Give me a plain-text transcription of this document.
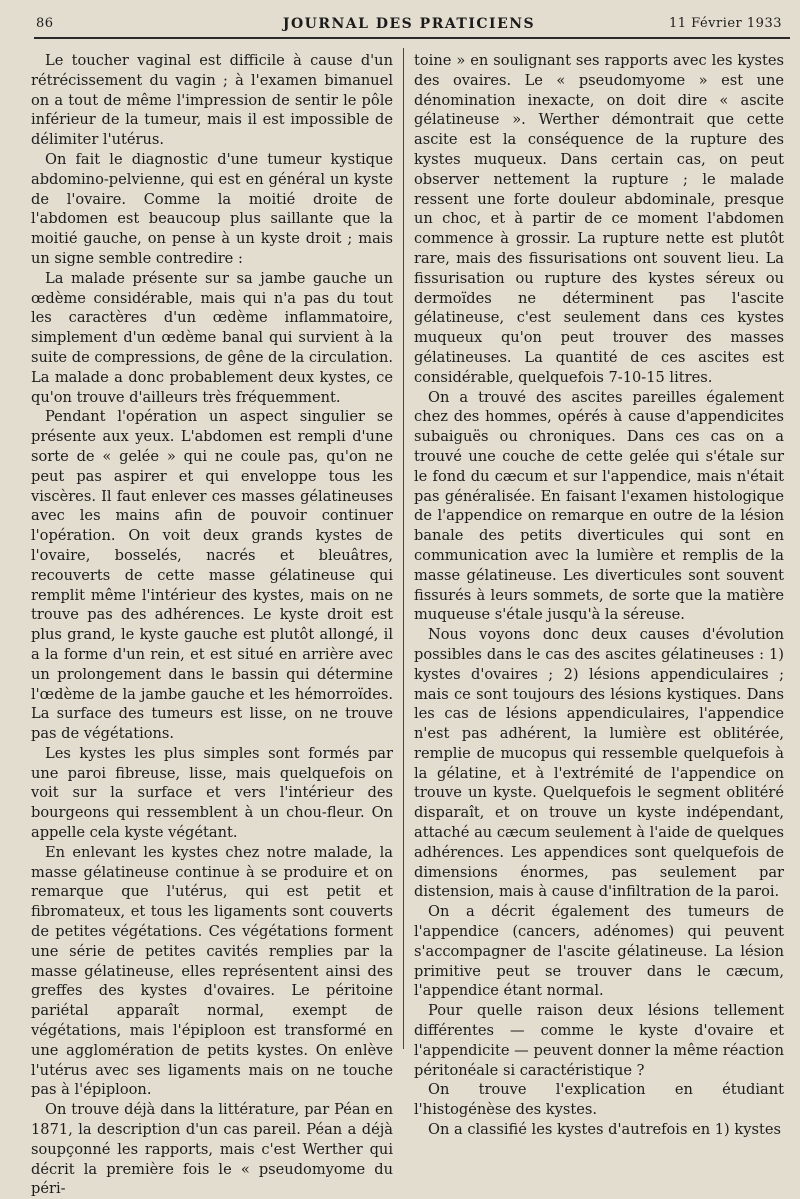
86	JOURNAL DES PRATICIENS	11 Février 1933

Le toucher vaginal est difficile à cause d'un rétrécissement du vagin ; à l'examen bimanuel on a tout de même l'impression de sentir le pôle inférieur de la tumeur, mais il est impossible de délimiter l'utérus.

On fait le diagnostic d'une tumeur kystique abdomino-pelvienne, qui est en général un kyste de l'ovaire. Comme la moitié droite de l'abdomen est beaucoup plus saillante que la moitié gauche, on pense à un kyste droit ; mais un signe semble contredire :

La malade présente sur sa jambe gauche un œdème considérable, mais qui n'a pas du tout les caractères d'un œdème inflammatoire, simplement d'un œdème banal qui survient à la suite de compressions, de gêne de la circulation. La malade a donc probablement deux kystes, ce qu'on trouve d'ailleurs très fréquemment.

Pendant l'opération un aspect singulier se présente aux yeux. L'abdomen est rempli d'une sorte de « gelée » qui ne coule pas, qu'on ne peut pas aspirer et qui enveloppe tous les viscères. Il faut enlever ces masses gélatineuses avec les mains afin de pouvoir continuer l'opération. On voit deux grands kystes de l'ovaire, bosselés, nacrés et bleuâtres, recouverts de cette masse gélatineuse qui remplit même l'intérieur des kystes, mais on ne trouve pas des adhérences. Le kyste droit est plus grand, le kyste gauche est plutôt allongé, il a la forme d'un rein, et est situé en arrière avec un prolongement dans le bassin qui détermine l'œdème de la jambe gauche et les hémorroïdes. La surface des tumeurs est lisse, on ne trouve pas de végétations.

Les kystes les plus simples sont formés par une paroi fibreuse, lisse, mais quelquefois on voit sur la surface et vers l'intérieur des bourgeons qui ressemblent à un chou-fleur. On appelle cela kyste végétant.

En enlevant les kystes chez notre malade, la masse gélatineuse continue à se produire et on remarque que l'utérus, qui est petit et fibromateux, et tous les ligaments sont couverts de petites végétations. Ces végétations forment une série de petites cavités remplies par la masse gélatineuse, elles représentent ainsi des greffes des kystes d'ovaires. Le péritoine pariétal apparaît normal, exempt de végétations, mais l'épiploon est transformé en une agglomération de petits kystes. On enlève l'utérus avec ses ligaments mais on ne touche pas à l'épiploon.

On trouve déjà dans la littérature, par Péan en 1871, la description d'un cas pareil. Péan a déjà soupçonné les rapports, mais c'est Werther qui décrit la première fois le « pseudomyome du péri-

toine » en soulignant ses rapports avec les kystes des ovaires. Le « pseudomyome » est une dénomination inexacte, on doit dire « ascite gélatineuse ». Werther démontrait que cette ascite est la conséquence de la rupture des kystes muqueux. Dans certain cas, on peut observer nettement la rupture ; le malade ressent une forte douleur abdominale, presque un choc, et à partir de ce moment l'abdomen commence à grossir. La rupture nette est plutôt rare, mais des fissurisations ont souvent lieu. La fissurisation ou rupture des kystes séreux ou dermoïdes ne déterminent pas l'ascite gélatineuse, c'est seulement dans ces kystes muqueux qu'on peut trouver des masses gélatineuses. La quantité de ces ascites est considérable, quelquefois 7-10-15 litres.

On a trouvé des ascites pareilles également chez des hommes, opérés à cause d'appendicites subaiguës ou chroniques. Dans ces cas on a trouvé une couche de cette gelée qui s'étale sur le fond du cæcum et sur l'appendice, mais n'était pas généralisée. En faisant l'examen histologique de l'appendice on remarque en outre de la lésion banale des petits diverticules qui sont en communication avec la lumière et remplis de la masse gélatineuse. Les diverticules sont souvent fissurés à leurs sommets, de sorte que la matière muqueuse s'étale jusqu'à la séreuse.

Nous voyons donc deux causes d'évolution possibles dans le cas des ascites gélatineuses : 1) kystes d'ovaires ; 2) lésions appendiculaires ; mais ce sont toujours des lésions kystiques. Dans les cas de lésions appendiculaires, l'appendice n'est pas adhérent, la lumière est oblitérée, remplie de mucopus qui ressemble quelquefois à la gélatine, et à l'extrémité de l'appendice on trouve un kyste. Quelquefois le segment oblitéré disparaît, et on trouve un kyste indépendant, attaché au cæcum seulement à l'aide de quelques adhérences. Les appendices sont quelquefois de dimensions énormes, pas seulement par distension, mais à cause d'infiltration de la paroi.

On a décrit également des tumeurs de l'appendice (cancers, adénomes) qui peuvent s'accompagner de l'ascite gélatineuse. La lésion primitive peut se trouver dans le cæcum, l'appendice étant normal.

Pour quelle raison deux lésions tellement différentes — comme le kyste d'ovaire et l'appendicite — peuvent donner la même réaction péritonéale si caractéristique ?

On trouve l'explication en étudiant l'histogénèse des kystes.

On a classifié les kystes d'autrefois en 1) kystes
